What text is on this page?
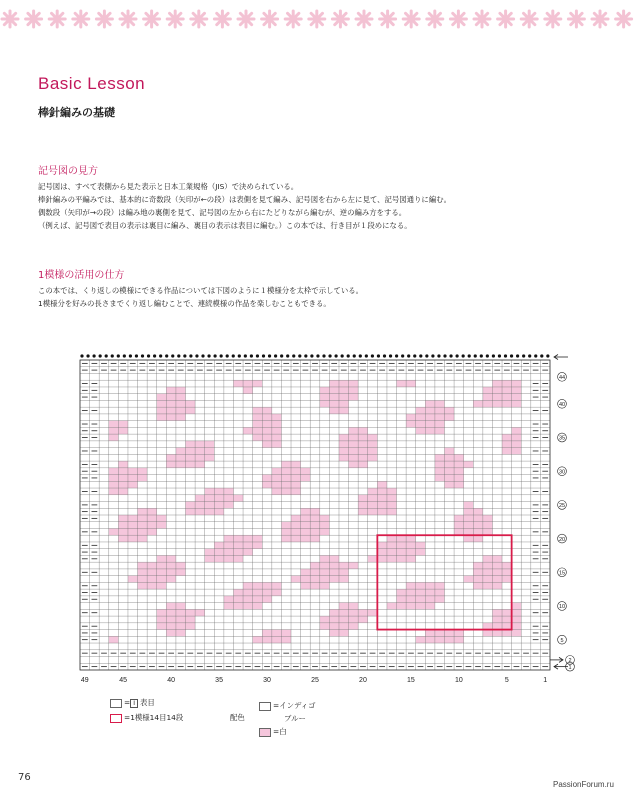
Basic Lesson
棒針編みの基礎
記号図の見方
記号図は、すべて表側から見た表示と日本工業規格（JIS）で決められている。
棒針編みの平編みでは、基本的に奇数段（矢印が←の段）は表側を見て編み、記号図を右から左に見て、記号図通りに編む。
偶数段（矢印が→の段）は編み地の裏側を見て、記号図の左から右にたどりながら編むが、逆の編み方をする。
（例えば、記号図で表目の表示は裏目に編み、裏目の表示は表目に編む。）この本では、行き目が１段めになる。
1模様の活用の仕方
この本では、くり返しの模様にできる作品については下図のように１模様分を太枠で示している。
1模様分を好みの長さまでくり返し編むことで、連続模様の作品を楽しむこともできる。
49	45	40	35	30	25	20	15	10	5	1
44
40
35
30
25
20
15
10
5
2
1
= I 表目
=1模様14目14段	配色
=インディゴ
ブルー
=白
76
PassionForum.ru
